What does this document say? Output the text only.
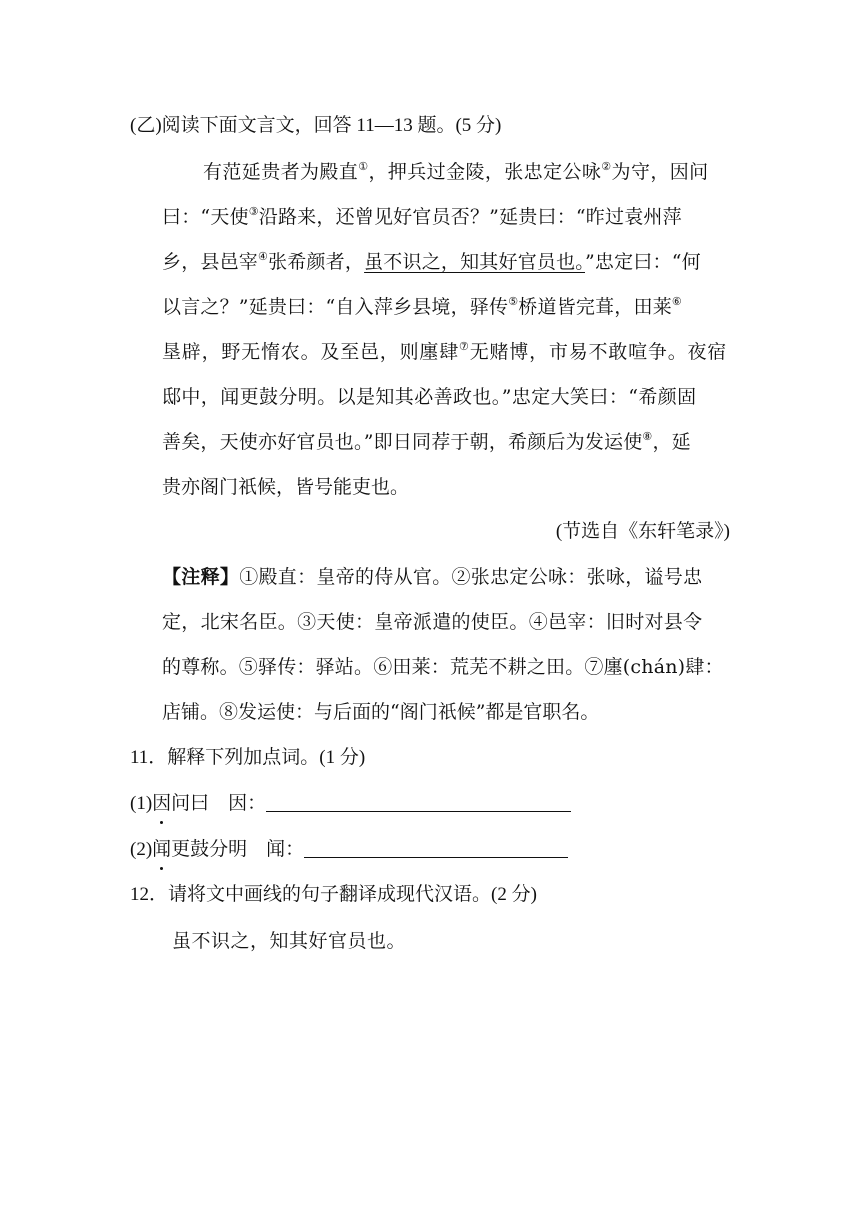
(乙)阅读下面文言文，回答 11—13 题。(5 分)
有范延贵者为殿直①，押兵过金陵，张忠定公咏②为守，因问
曰：“天使③沿路来，还曾见好官员否？”延贵曰：“昨过袁州萍
乡，县邑宰④张希颜者，虽不识之，知其好官员也。”忠定曰：“何
以言之？”延贵曰：“自入萍乡县境，驿传⑤桥道皆完葺，田莱⑥
垦辟，野无惰农。及至邑，则廛肆⑦无赌博，市易不敢喧争。夜宿
邸中，闻更鼓分明。以是知其必善政也。”忠定大笑曰：“希颜固
善矣，天使亦好官员也。”即日同荐于朝，希颜后为发运使⑧，延
贵亦阁门祇候，皆号能吏也。
(节选自《东轩笔录》)
【注释】①殿直：皇帝的侍从官。②张忠定公咏：张咏，谥号忠
定，北宋名臣。③天使：皇帝派遣的使臣。④邑宰：旧时对县令
的尊称。⑤驿传：驿站。⑥田莱：荒芜不耕之田。⑦廛(chán)肆：
店铺。⑧发运使：与后面的“阁门祇候”都是官职名。
11．解释下列加点词。(1 分)
(1)因问曰　因：
(2)闻更鼓分明　闻：
12．请将文中画线的句子翻译成现代汉语。(2 分)
虽不识之，知其好官员也。
